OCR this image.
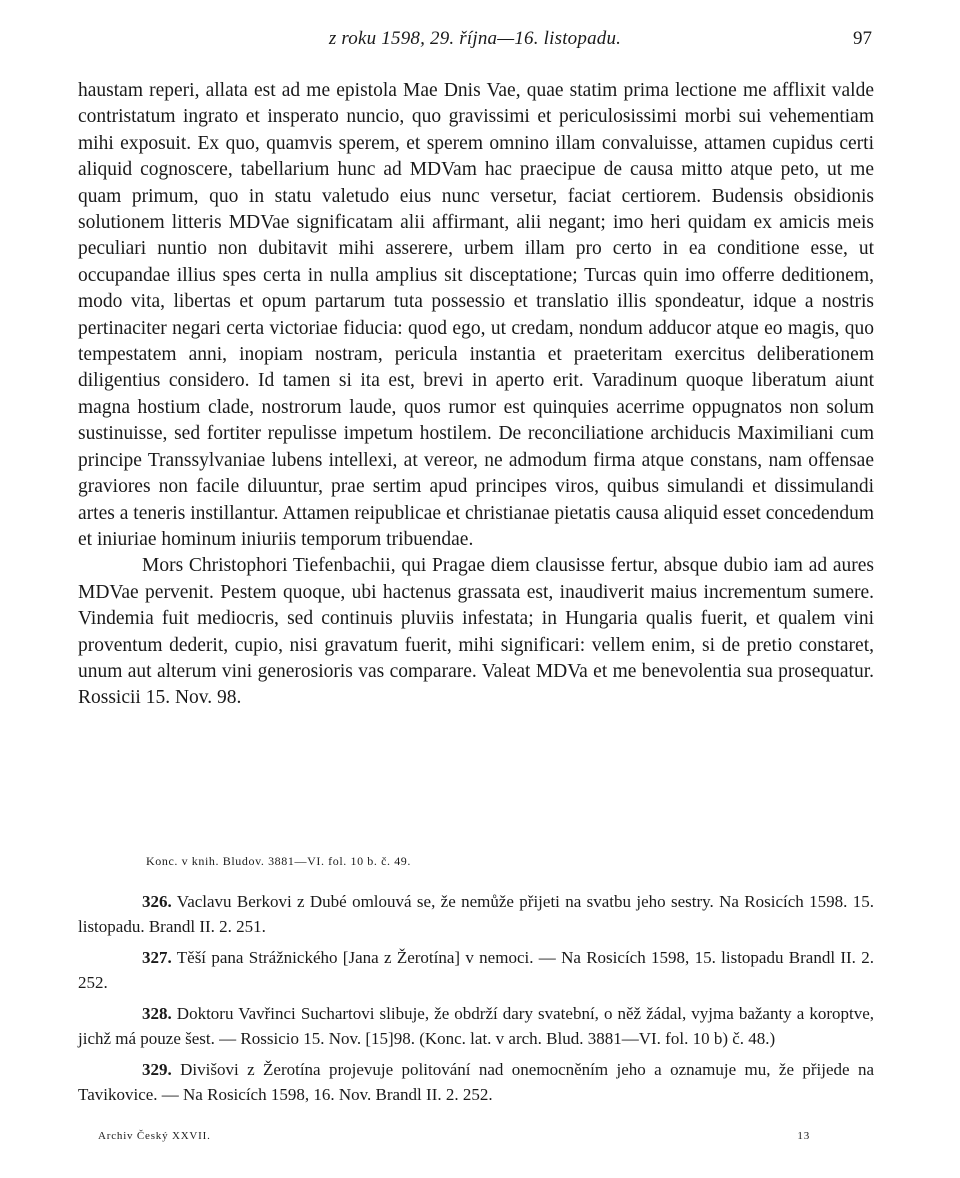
z roku 1598, 29. října—16. listopadu.	97

haustam reperi, allata est ad me epistola Mae Dnis Vae, quae statim prima lectione me afflixit valde contristatum ingrato et insperato nuncio, quo gravissimi et periculosissimi morbi sui vehementiam mihi exposuit. Ex quo, quamvis sperem, et sperem omnino illam convaluisse, attamen cupidus certi aliquid cognoscere, tabellarium hunc ad MDVam hac praecipue de causa mitto atque peto, ut me quam primum, quo in statu valetudo eius nunc versetur, faciat certiorem. Budensis obsidionis solutionem litteris MDVae significatam alii affirmant, alii negant; imo heri quidam ex amicis meis peculiari nuntio non dubitavit mihi asserere, urbem illam pro certo in ea conditione esse, ut occupandae illius spes certa in nulla amplius sit disceptatione; Turcas quin imo offerre deditionem, modo vita, libertas et opum partarum tuta possessio et translatio illis spondeatur, idque a nostris pertinaciter negari certa victoriae fiducia: quod ego, ut credam, nondum adducor atque eo magis, quo tempestatem anni, inopiam nostram, pericula instantia et praeteritam exercitus deliberationem diligentius considero. Id tamen si ita est, brevi in aperto erit. Varadinum quoque liberatum aiunt magna hostium clade, nostrorum laude, quos rumor est quinquies acerrime oppugnatos non solum sustinuisse, sed fortiter repulisse impetum hostilem. De reconciliatione archiducis Maximiliani cum principe Transsylvaniae lubens intellexi, at vereor, ne admodum firma atque constans, nam offensae graviores non facile diluuntur, prae sertim apud principes viros, quibus simulandi et dissimulandi artes a teneris instillantur. Attamen reipublicae et christianae pietatis causa aliquid esset concedendum et iniuriae hominum iniuriis temporum tribuendae.

Mors Christophori Tiefenbachii, qui Pragae diem clausisse fertur, absque dubio iam ad aures MDVae pervenit. Pestem quoque, ubi hactenus grassata est, inaudiverit maius incrementum sumere. Vindemia fuit mediocris, sed continuis pluviis infestata; in Hungaria qualis fuerit, et qualem vini proventum dederit, cupio, nisi gravatum fuerit, mihi significari: vellem enim, si de pretio constaret, unum aut alterum vini generosioris vas comparare. Valeat MDVa et me benevolentia sua prosequatur. Rossicii 15. Nov. 98.

Konc. v knih. Bludov. 3881—VI. fol. 10 b. č. 49.

326. Vaclavu Berkovi z Dubé omlouvá se, že nemůže přijeti na svatbu jeho sestry. Na Rosicích 1598. 15. listopadu. Brandl II. 2. 251.

327. Těší pana Strážnického [Jana z Žerotína] v nemoci. — Na Rosicích 1598, 15. listopadu Brandl II. 2. 252.

328. Doktoru Vavřinci Suchartovi slibuje, že obdrží dary svatební, o něž žádal, vyjma bažanty a koroptve, jichž má pouze šest. — Rossicio 15. Nov. [15]98. (Konc. lat. v arch. Blud. 3881—VI. fol. 10 b) č. 48.)

329. Divišovi z Žerotína projevuje politování nad onemocněním jeho a oznamuje mu, že přijede na Tavikovice. — Na Rosicích 1598, 16. Nov. Brandl II. 2. 252.

Archiv Český XXVII.	13
